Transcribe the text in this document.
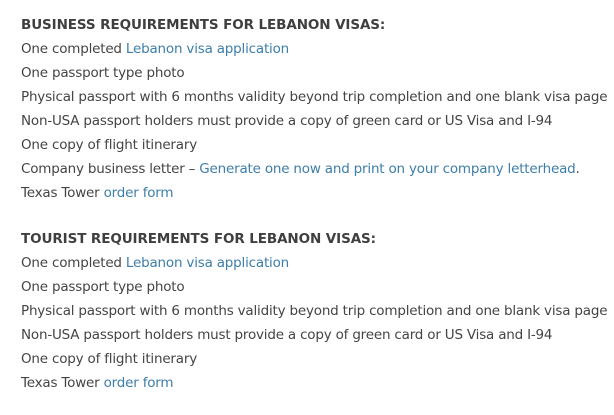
BUSINESS REQUIREMENTS FOR LEBANON VISAS:
One completed Lebanon visa application
One passport type photo
Physical passport with 6 months validity beyond trip completion and one blank visa page
Non-USA passport holders must provide a copy of green card or US Visa and I-94
One copy of flight itinerary
Company business letter – Generate one now and print on your company letterhead.
Texas Tower order form
TOURIST REQUIREMENTS FOR LEBANON VISAS:
One completed Lebanon visa application
One passport type photo
Physical passport with 6 months validity beyond trip completion and one blank visa page
Non-USA passport holders must provide a copy of green card or US Visa and I-94
One copy of flight itinerary
Texas Tower order form
